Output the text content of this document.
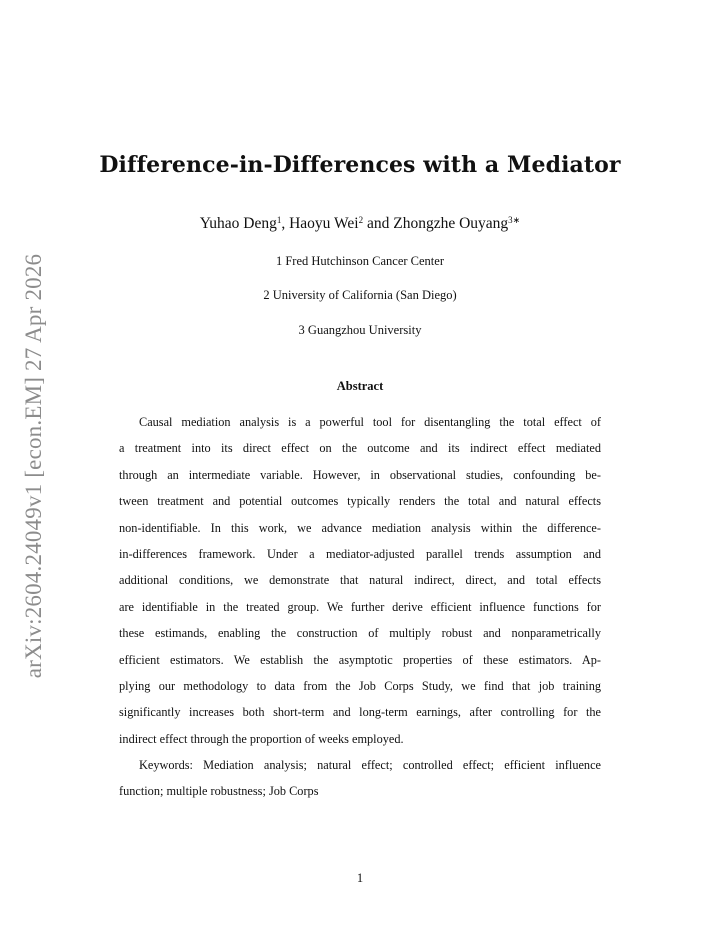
arXiv:2604.24049v1 [econ.EM] 27 Apr 2026
Difference-in-Differences with a Mediator
Yuhao Deng$^1$, Haoyu Wei$^2$ and Zhongzhe Ouyang$^{3∗}$
1 Fred Hutchinson Cancer Center
2 University of California (San Diego)
3 Guangzhou University
Abstract
Causal mediation analysis is a powerful tool for disentangling the total effect of
a treatment into its direct effect on the outcome and its indirect effect mediated
through an intermediate variable. However, in observational studies, confounding be-
tween treatment and potential outcomes typically renders the total and natural effects
non-identifiable. In this work, we advance mediation analysis within the difference-
in-differences framework. Under a mediator-adjusted parallel trends assumption and
additional conditions, we demonstrate that natural indirect, direct, and total effects
are identifiable in the treated group. We further derive efficient influence functions for
these estimands, enabling the construction of multiply robust and nonparametrically
efficient estimators. We establish the asymptotic properties of these estimators. Ap-
plying our methodology to data from the Job Corps Study, we find that job training
significantly increases both short-term and long-term earnings, after controlling for the
indirect effect through the proportion of weeks employed.
Keywords: Mediation analysis; natural effect; controlled effect; efficient influence
function; multiple robustness; Job Corps
1
